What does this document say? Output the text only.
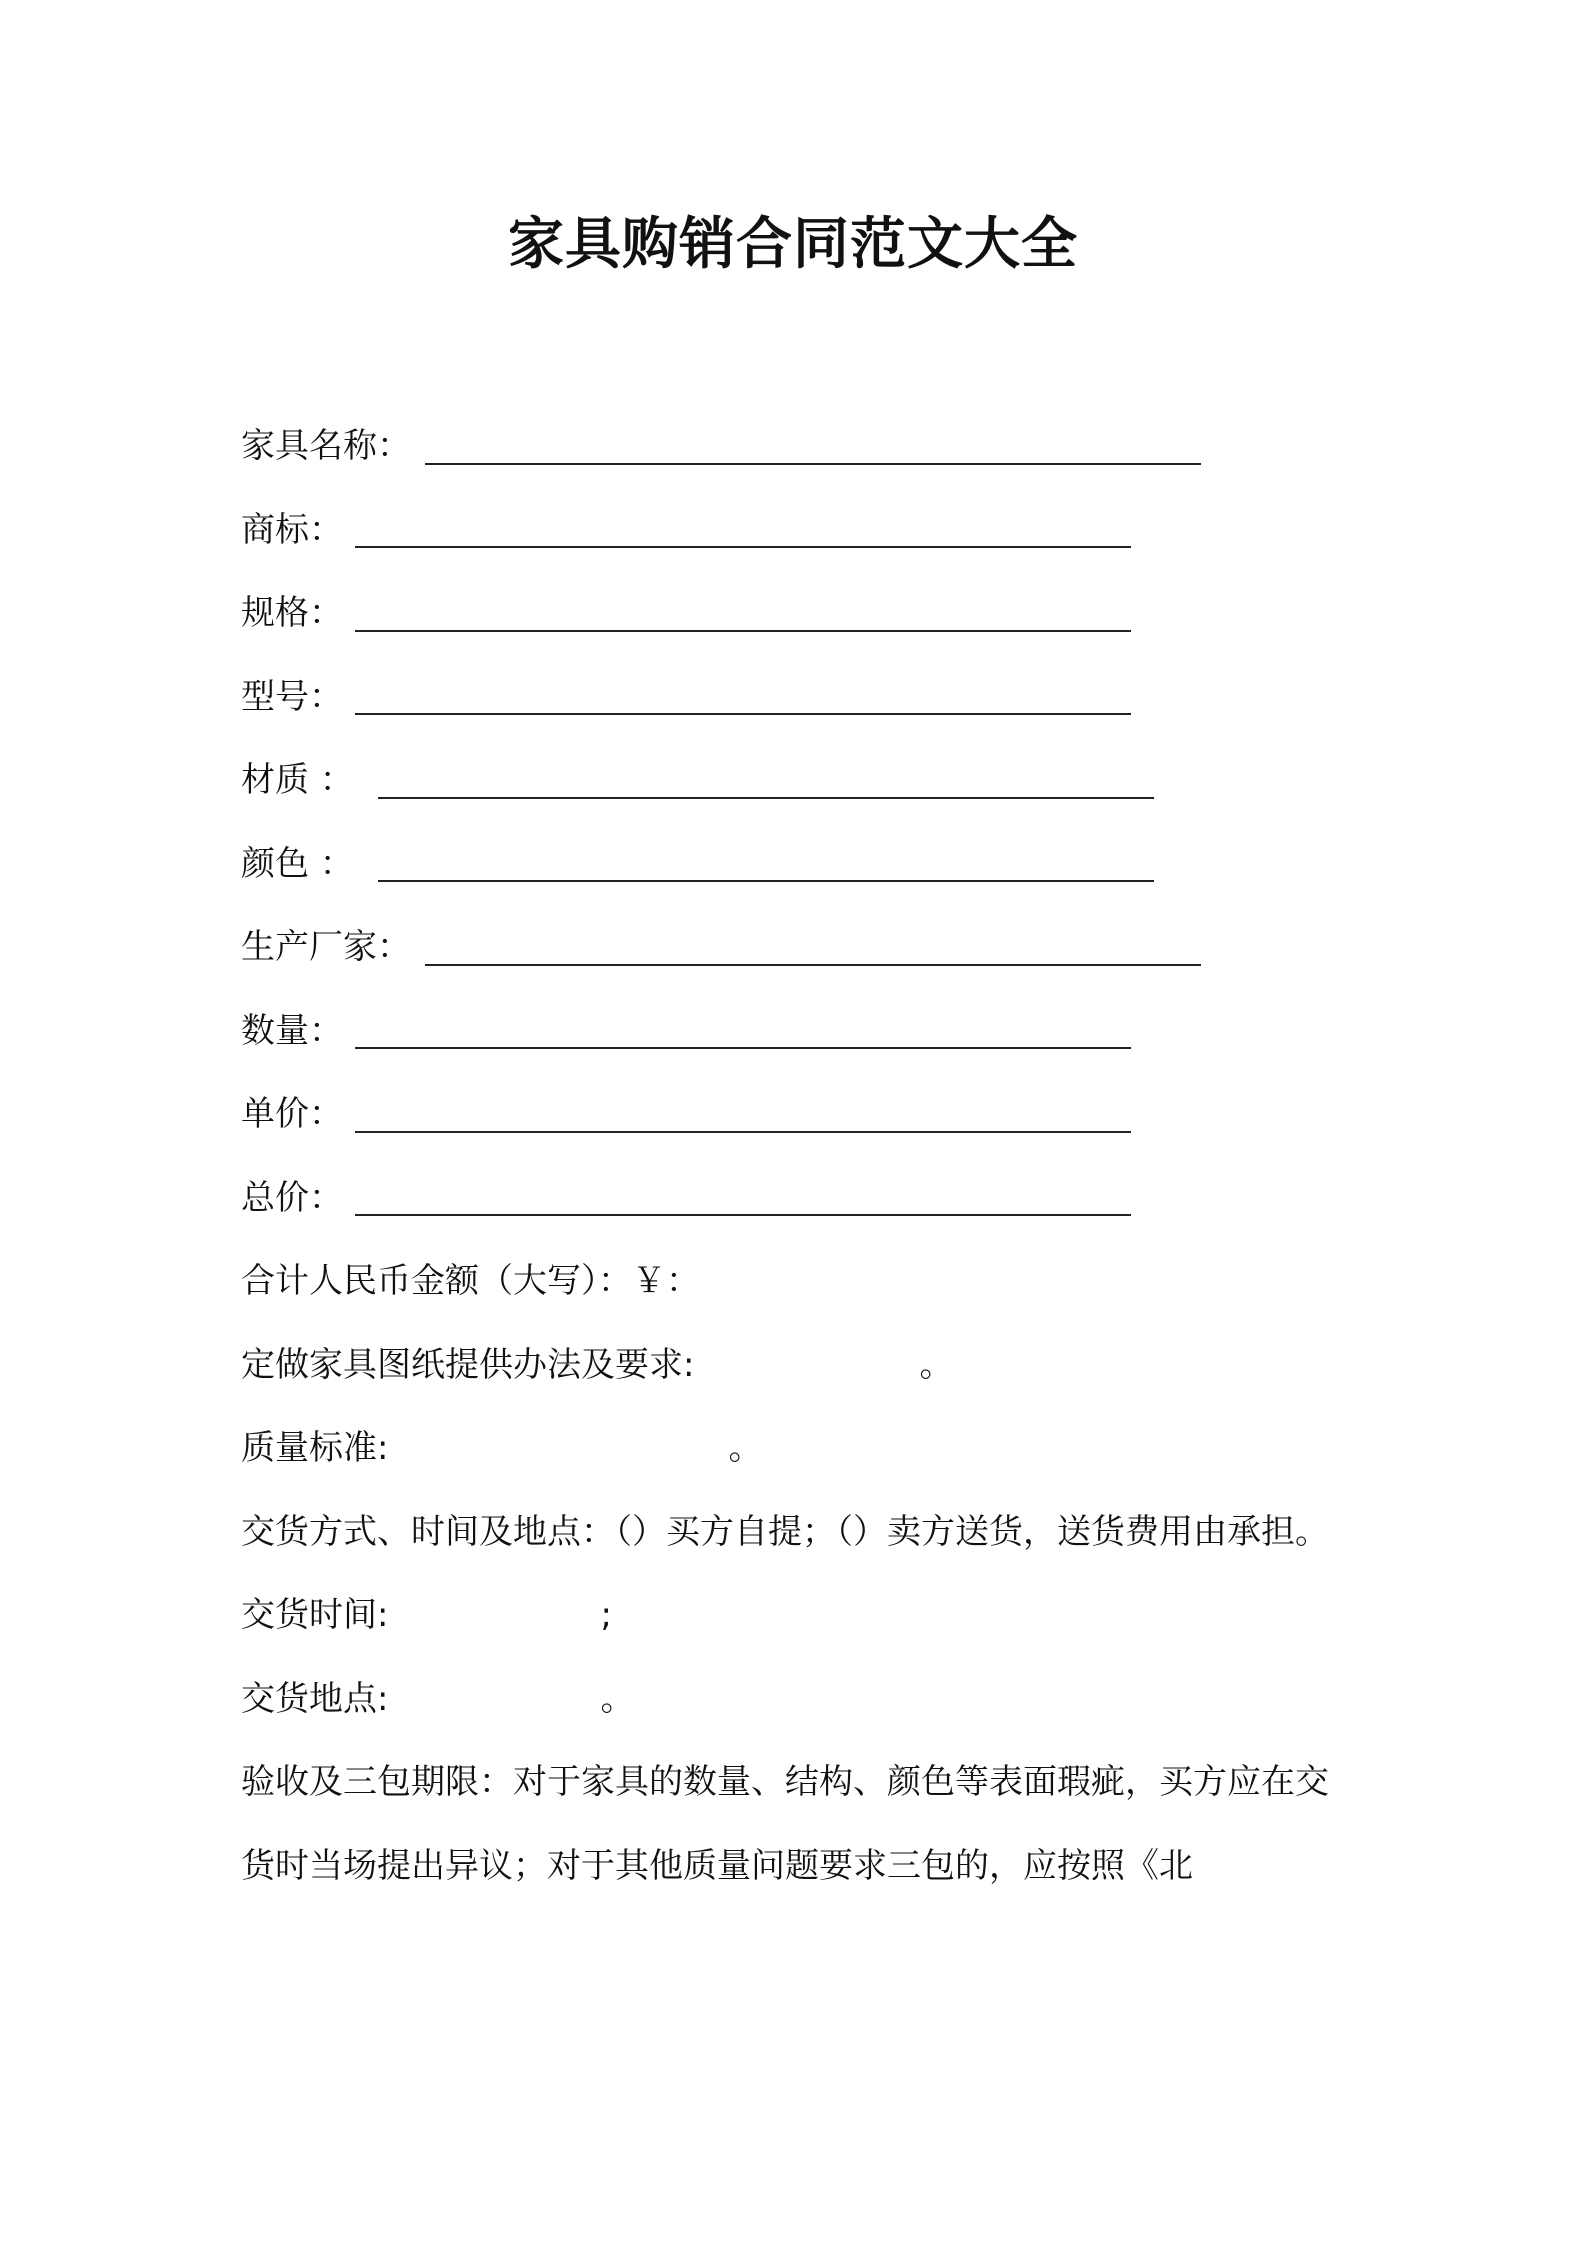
家具购销合同范文大全
家具名称：
商标：
规格：
型号：
材质 ：
颜色 ：
生产厂家：
数量：
单价：
总价：
合计人民币金额（大写）：￥：
定做家具图纸提供办法及要求:	。
质量标准:	。
交货方式、时间及地点：（）买方自提；（）卖方送货，送货费用由承担。
交货时间:	;
交货地点:	。
验收及三包期限：对于家具的数量、结构、颜色等表面瑕疵，买方应在交货时当场提出异议；对于其他质量问题要求三包的，应按照《北
